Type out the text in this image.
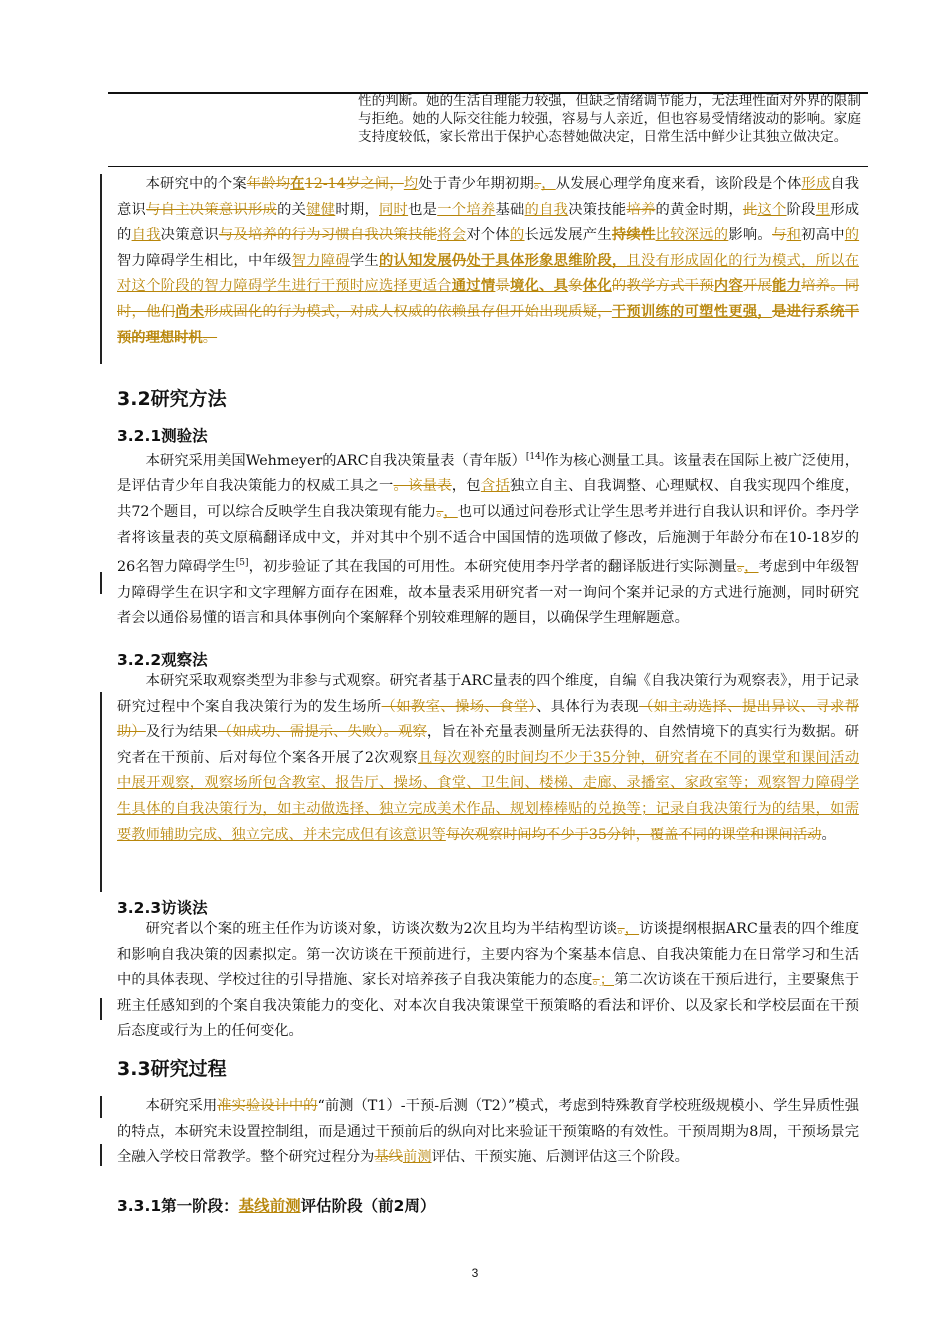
性的判断。她的生活自理能力较强，但缺乏情绪调节能力，无法理性面对外界的限制与拒绝。她的人际交往能力较强，容易与人亲近，但也容易受情绪波动的影响。家庭支持度较低，家长常出于保护心态替她做决定，日常生活中鲜少让其独立做决定。

本研究中的个案年龄均在12-14岁之间，均处于青少年期初期。，从发展心理学角度来看，该阶段是个体形成自我意识与自主决策意识形成的关键健时期，同时也是一个培养基础的自我决策技能培养的黄金时期，此这个阶段里形成的自我决策意识与及培养的行为习惯自我决策技能将会对个体的长远发展产生持续性比较深远的影响。与和初高中的智力障碍学生相比，中年级智力障碍学生的认知发展仍处于具体形象思维阶段，且没有形成固化的行为模式，所以在对这个阶段的智力障碍学生进行干预时应选择更适合通过情景境化、具象体化的教学方式干预内容开展能力培养。同时，他们尚未形成固化的行为模式，对成人权威的依赖虽存但开始出现质疑，干预训练的可塑性更强，是进行系统干预的理想时机。

3.2研究方法
3.2.1测验法

本研究采用美国Wehmeyer的ARC自我决策量表（青年版）[14]作为核心测量工具。该量表在国际上被广泛使用，是评估青少年自我决策能力的权威工具之一。该量表，包含括独立自主、自我调整、心理赋权、自我实现四个维度，共72个题目，可以综合反映学生自我决策现有能力。，也可以通过问卷形式让学生思考并进行自我认识和评价。李丹学者将该量表的英文原稿翻译成中文，并对其中个别不适合中国国情的选项做了修改，后施测于年龄分布在10-18岁的26名智力障碍学生[5]，初步验证了其在我国的可用性。本研究使用李丹学者的翻译版进行实际测量。，考虑到中年级智力障碍学生在识字和文字理解方面存在困难，故本量表采用研究者一对一询问个案并记录的方式进行施测，同时研究者会以通俗易懂的语言和具体事例向个案解释个别较难理解的题目，以确保学生理解题意。

3.2.2观察法

本研究采取观察类型为非参与式观察。研究者基于ARC量表的四个维度，自编《自我决策行为观察表》，用于记录研究过程中个案自我决策行为的发生场所（如教室、操场、食堂）、具体行为表现（如主动选择、提出异议、寻求帮助）及行为结果（如成功、需提示、失败）。观察，旨在补充量表测量所无法获得的、自然情境下的真实行为数据。研究者在干预前、后对每位个案各开展了2次观察且每次观察的时间均不少于35分钟，研究者在不同的课堂和课间活动中展开观察，观察场所包含教室、报告厅、操场、食堂、卫生间、楼梯、走廊、录播室、家政室等；观察智力障碍学生具体的自我决策行为，如主动做选择、独立完成美术作品、规划棒棒贴的兑换等；记录自我决策行为的结果，如需要教师辅助完成、独立完成、并未完成但有该意识等每次观察时间均不少于35分钟，覆盖不同的课堂和课间活动。

3.2.3访谈法

研究者以个案的班主任作为访谈对象，访谈次数为2次且均为半结构型访谈。，访谈提纲根据ARC量表的四个维度和影响自我决策的因素拟定。第一次访谈在干预前进行，主要内容为个案基本信息、自我决策能力在日常学习和生活中的具体表现、学校过往的引导措施、家长对培养孩子自我决策能力的态度。；第二次访谈在干预后进行，主要聚焦于班主任感知到的个案自我决策能力的变化、对本次自我决策课堂干预策略的看法和评价、以及家长和学校层面在干预后态度或行为上的任何变化。

3.3研究过程

本研究采用准实验设计中的“前测（T1）-干预-后测（T2）”模式，考虑到特殊教育学校班级规模小、学生异质性强的特点，本研究未设置控制组，而是通过干预前后的纵向对比来验证干预策略的有效性。干预周期为8周，干预场景完全融入学校日常教学。整个研究过程分为基线前测评估、干预实施、后测评估这三个阶段。

3.3.1第一阶段：基线前测评估阶段（前2周）
3
